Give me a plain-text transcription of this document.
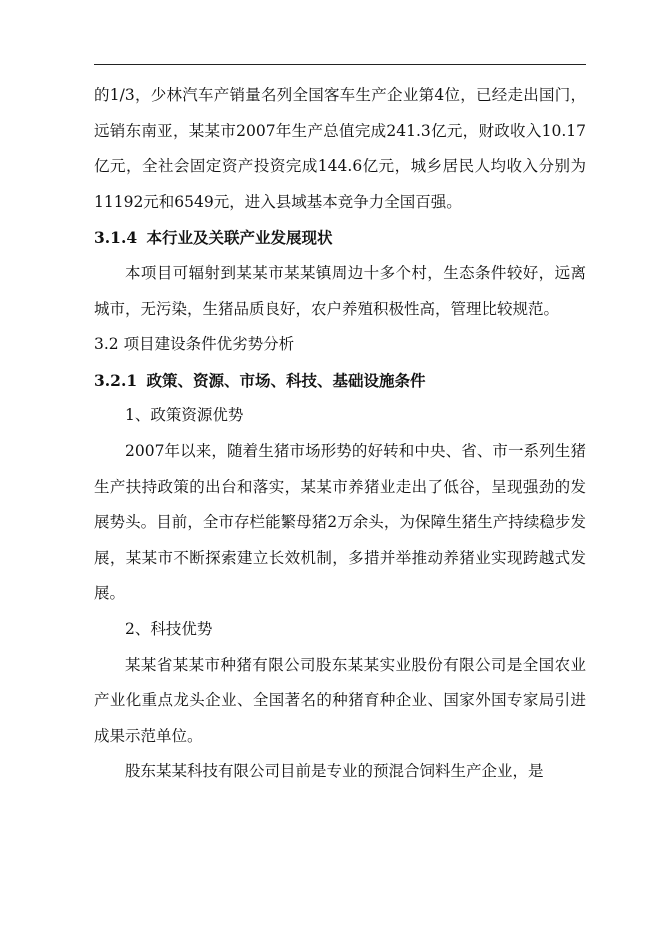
的1/3，少林汽车产销量名列全国客车生产企业第4位，已经走出国门，远销东南亚，某某市2007年生产总值完成241.3亿元，财政收入10.17亿元，全社会固定资产投资完成144.6亿元，城乡居民人均收入分别为11192元和6549元，进入县域基本竞争力全国百强。

3.1.4 本行业及关联产业发展现状

本项目可辐射到某某市某某镇周边十多个村，生态条件较好，远离城市，无污染，生猪品质良好，农户养殖积极性高，管理比较规范。

3.2 项目建设条件优劣势分析
3.2.1 政策、资源、市场、科技、基础设施条件

1、政策资源优势

2007年以来，随着生猪市场形势的好转和中央、省、市一系列生猪生产扶持政策的出台和落实，某某市养猪业走出了低谷，呈现强劲的发展势头。目前，全市存栏能繁母猪2万余头，为保障生猪生产持续稳步发展，某某市不断探索建立长效机制，多措并举推动养猪业实现跨越式发展。

2、科技优势

某某省某某市种猪有限公司股东某某实业股份有限公司是全国农业产业化重点龙头企业、全国著名的种猪育种企业、国家外国专家局引进成果示范单位。

股东某某科技有限公司目前是专业的预混合饲料生产企业，是
